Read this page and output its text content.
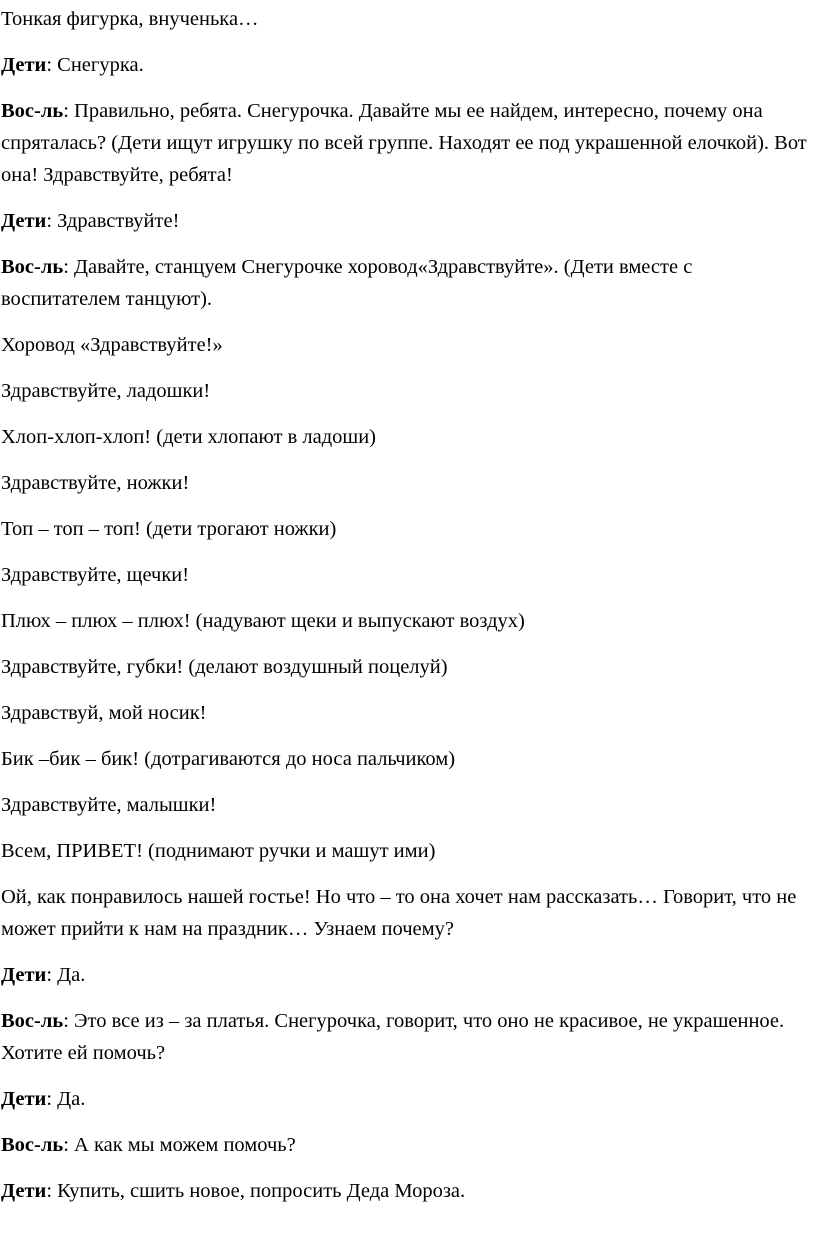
Тонкая фигурка, внученька…

Дети: Снегурка.

Вос-ль: Правильно, ребята. Снегурочка. Давайте мы ее найдем, интересно, почему она спряталась? (Дети ищут игрушку по всей группе. Находят ее под украшенной елочкой). Вот она! Здравствуйте, ребята!

Дети: Здравствуйте!

Вос-ль: Давайте, станцуем Снегурочке хоровод«Здравствуйте». (Дети вместе с воспитателем танцуют).

Хоровод «Здравствуйте!»

Здравствуйте, ладошки!

Хлоп-хлоп-хлоп! (дети хлопают в ладоши)

Здравствуйте, ножки!

Топ – топ – топ! (дети трогают ножки)

Здравствуйте, щечки!

Плюх – плюх – плюх! (надувают щеки и выпускают воздух)

Здравствуйте, губки! (делают воздушный поцелуй)

Здравствуй, мой носик!

Бик –бик – бик! (дотрагиваются до носа пальчиком)

Здравствуйте, малышки!

Всем, ПРИВЕТ! (поднимают ручки и машут ими)

Ой, как понравилось нашей гостье! Но что – то она хочет нам рассказать… Говорит, что не может прийти к нам на праздник… Узнаем почему?

Дети: Да.

Вос-ль: Это все из – за платья. Снегурочка, говорит, что оно не красивое, не украшенное. Хотите ей помочь?

Дети: Да.

Вос-ль: А как мы можем помочь?

Дети: Купить, сшить новое, попросить Деда Мороза.
